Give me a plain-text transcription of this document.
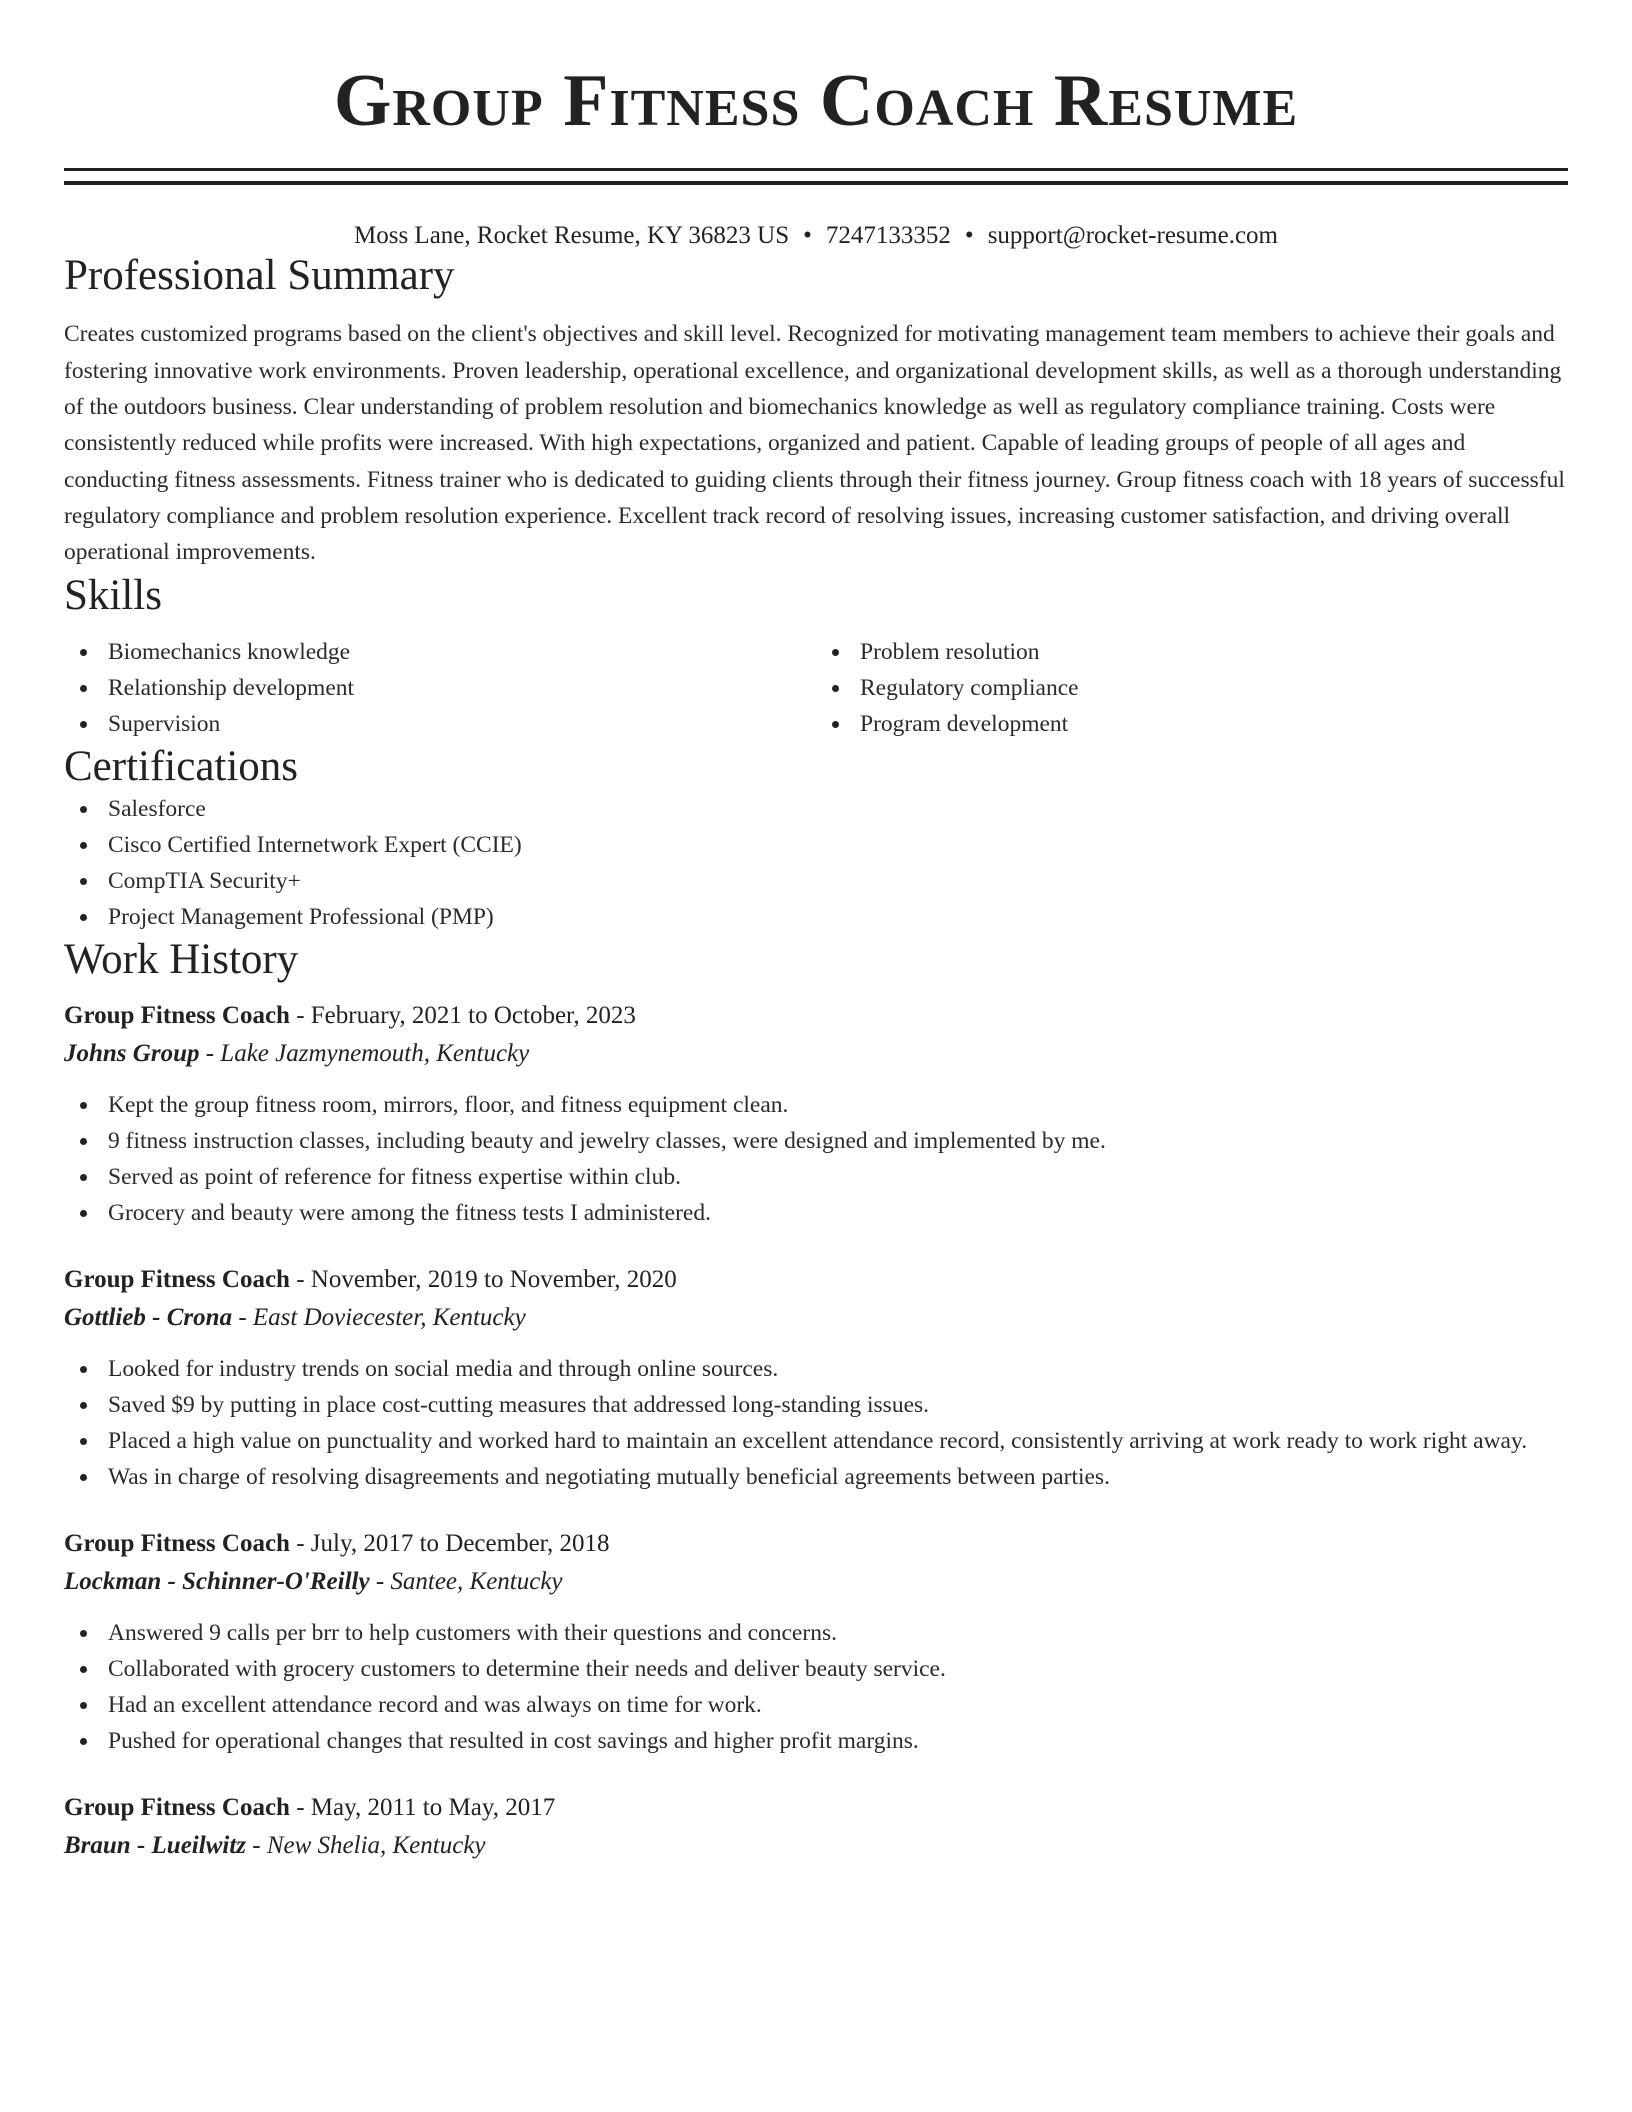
Group Fitness Coach Resume
Moss Lane, Rocket Resume, KY 36823 US • 7247133352 • support@rocket-resume.com
Professional Summary

Creates customized programs based on the client's objectives and skill level. Recognized for motivating management team members to achieve their goals and fostering innovative work environments. Proven leadership, operational excellence, and organizational development skills, as well as a thorough understanding of the outdoors business. Clear understanding of problem resolution and biomechanics knowledge as well as regulatory compliance training. Costs were consistently reduced while profits were increased. With high expectations, organized and patient. Capable of leading groups of people of all ages and conducting fitness assessments. Fitness trainer who is dedicated to guiding clients through their fitness journey. Group fitness coach with 18 years of successful regulatory compliance and problem resolution experience. Excellent track record of resolving issues, increasing customer satisfaction, and driving overall operational improvements.

Skills
Biomechanics knowledge
Relationship development
Supervision
Problem resolution
Regulatory compliance
Program development
Certifications
Salesforce
Cisco Certified Internetwork Expert (CCIE)
CompTIA Security+
Project Management Professional (PMP)
Work History
Group Fitness Coach - February, 2021 to October, 2023
Johns Group - Lake Jazmynemouth, Kentucky
Kept the group fitness room, mirrors, floor, and fitness equipment clean.
9 fitness instruction classes, including beauty and jewelry classes, were designed and implemented by me.
Served as point of reference for fitness expertise within club.
Grocery and beauty were among the fitness tests I administered.
Group Fitness Coach - November, 2019 to November, 2020
Gottlieb - Crona - East Doviecester, Kentucky
Looked for industry trends on social media and through online sources.
Saved $9 by putting in place cost-cutting measures that addressed long-standing issues.
Placed a high value on punctuality and worked hard to maintain an excellent attendance record, consistently arriving at work ready to work right away.
Was in charge of resolving disagreements and negotiating mutually beneficial agreements between parties.
Group Fitness Coach - July, 2017 to December, 2018
Lockman - Schinner-O'Reilly - Santee, Kentucky
Answered 9 calls per brr to help customers with their questions and concerns.
Collaborated with grocery customers to determine their needs and deliver beauty service.
Had an excellent attendance record and was always on time for work.
Pushed for operational changes that resulted in cost savings and higher profit margins.
Group Fitness Coach - May, 2011 to May, 2017
Braun - Lueilwitz - New Shelia, Kentucky
